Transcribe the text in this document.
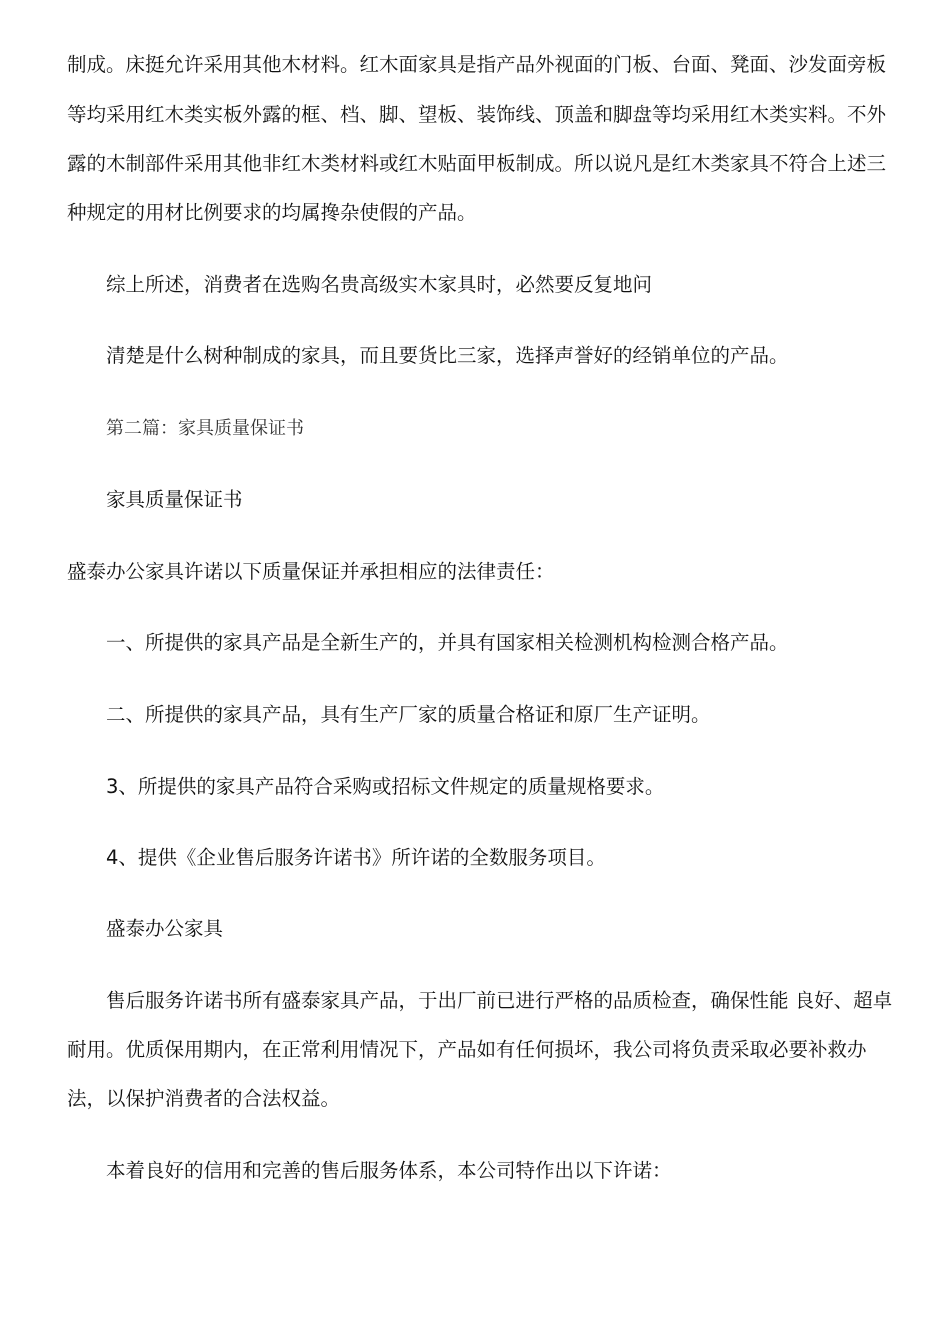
制成。床挺允许采用其他木材料。红木面家具是指产品外视面的门板、台面、凳面、沙发面旁板
等均采用红木类实板外露的框、档、脚、望板、装饰线、顶盖和脚盘等均采用红木类实料。不外
露的木制部件采用其他非红木类材料或红木贴面甲板制成。所以说凡是红木类家具不符合上述三
种规定的用材比例要求的均属搀杂使假的产品。
综上所述，消费者在选购名贵高级实木家具时，必然要反复地问
清楚是什么树种制成的家具，而且要货比三家，选择声誉好的经销单位的产品。
第二篇：家具质量保证书
家具质量保证书
盛泰办公家具许诺以下质量保证并承担相应的法律责任：
一、所提供的家具产品是全新生产的，并具有国家相关检测机构检测合格产品。
二、所提供的家具产品，具有生产厂家的质量合格证和原厂生产证明。
3、所提供的家具产品符合采购或招标文件规定的质量规格要求。
4、提供《企业售后服务许诺书》所许诺的全数服务项目。
盛泰办公家具
售后服务许诺书所有盛泰家具产品，于出厂前已进行严格的品质检查，确保性能 良好、超卓
耐用。优质保用期内，在正常利用情况下，产品如有任何损坏，我公司将负责采取必要补救办
法，以保护消费者的合法权益。
本着良好的信用和完善的售后服务体系，本公司特作出以下许诺：
